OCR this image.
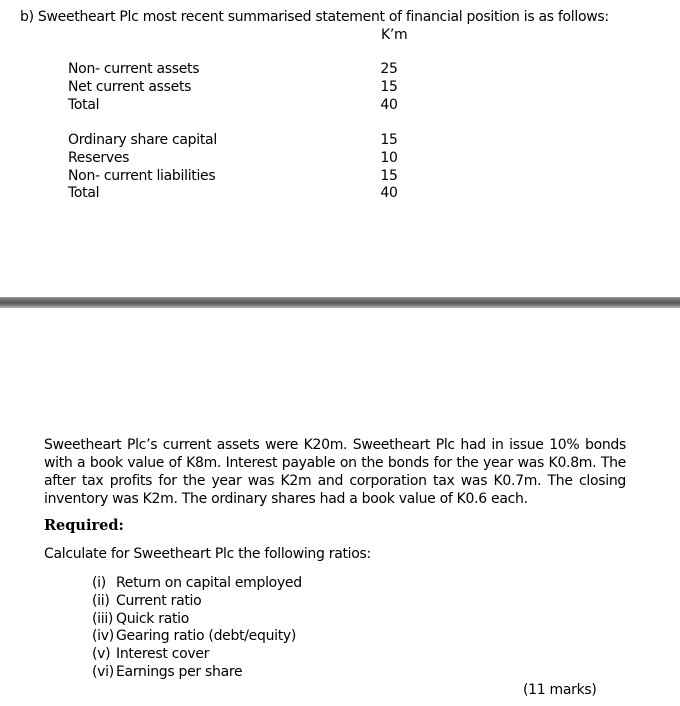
b) Sweetheart Plc most recent summarised statement of financial position is as follows:
K’m
Non- current assets	25
Net current assets	15
Total	40
Ordinary share capital	15
Reserves	10
Non- current liabilities	15
Total	40
Sweetheart Plc’s current assets were K20m. Sweetheart Plc had in issue 10% bonds with a book value of K8m. Interest payable on the bonds for the year was K0.8m. The after tax profits for the year was K2m and corporation tax was K0.7m. The closing inventory was K2m. The ordinary shares had a book value of K0.6 each.
Required:
Calculate for Sweetheart Plc the following ratios:
(i) Return on capital employed
(ii) Current ratio
(iii) Quick ratio
(iv) Gearing ratio (debt/equity)
(v) Interest cover
(vi) Earnings per share
(11 marks)
